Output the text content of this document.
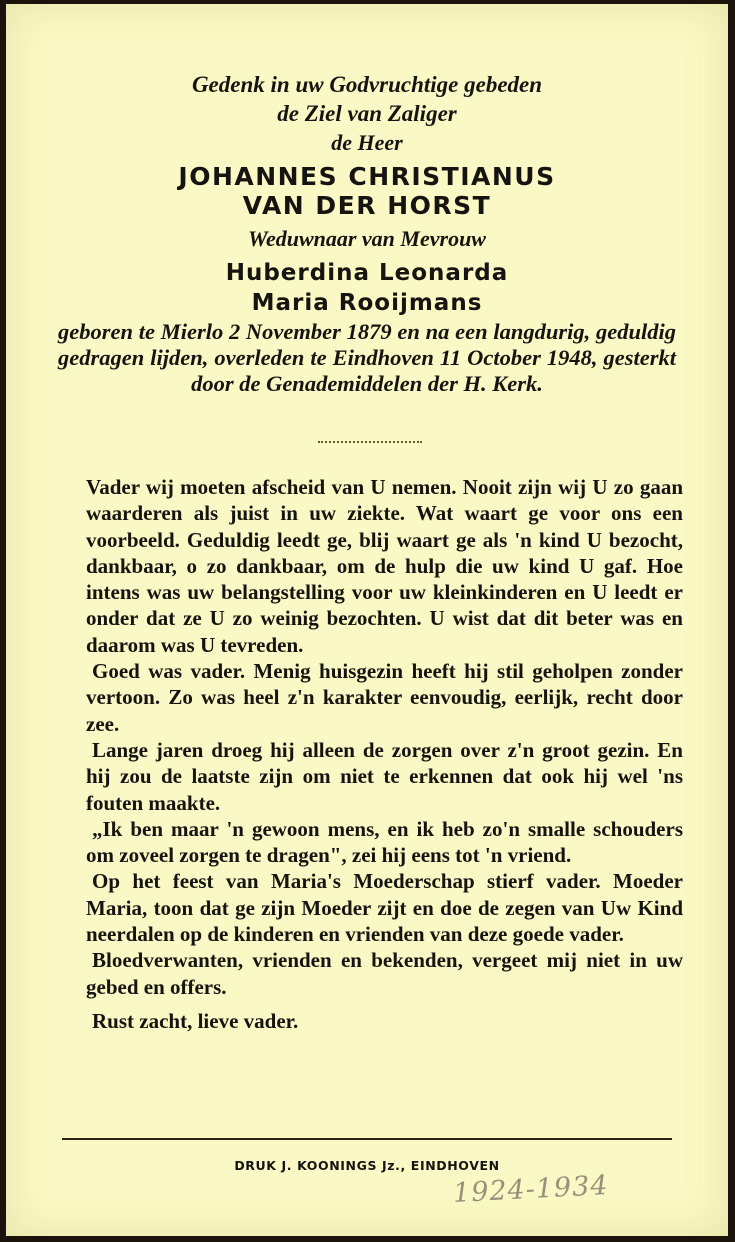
Gedenk in uw Godvruchtige gebeden
de Ziel van Zaliger
de Heer
JOHANNES CHRISTIANUS
VAN DER HORST
Weduwnaar van Mevrouw
Huberdina Leonarda
Maria Rooijmans
geboren te Mierlo 2 November 1879 en na een langdurig, geduldig gedragen lijden, overleden te Eindhoven 11 October 1948, gesterkt door de Genademiddelen der H. Kerk.

Vader wij moeten afscheid van U nemen. Nooit zijn wij U zo gaan waarderen als juist in uw ziekte. Wat waart ge voor ons een voorbeeld. Geduldig leedt ge, blij waart ge als 'n kind U bezocht, dankbaar, o zo dankbaar, om de hulp die uw kind U gaf. Hoe intens was uw belangstelling voor uw kleinkinderen en U leedt er onder dat ze U zo weinig bezochten. U wist dat dit beter was en daarom was U tevreden.

Goed was vader. Menig huisgezin heeft hij stil geholpen zonder vertoon. Zo was heel z'n karakter eenvoudig, eerlijk, recht door zee.

Lange jaren droeg hij alleen de zorgen over z'n groot gezin. En hij zou de laatste zijn om niet te erkennen dat ook hij wel 'ns fouten maakte.

„Ik ben maar 'n gewoon mens, en ik heb zo'n smalle schouders om zoveel zorgen te dragen", zei hij eens tot 'n vriend.

Op het feest van Maria's Moederschap stierf vader. Moeder Maria, toon dat ge zijn Moeder zijt en doe de zegen van Uw Kind neerdalen op de kinderen en vrienden van deze goede vader.

Bloedverwanten, vrienden en bekenden, vergeet mij niet in uw gebed en offers.

Rust zacht, lieve vader.

DRUK J. KOONINGS Jz., EINDHOVEN
1924-1934
